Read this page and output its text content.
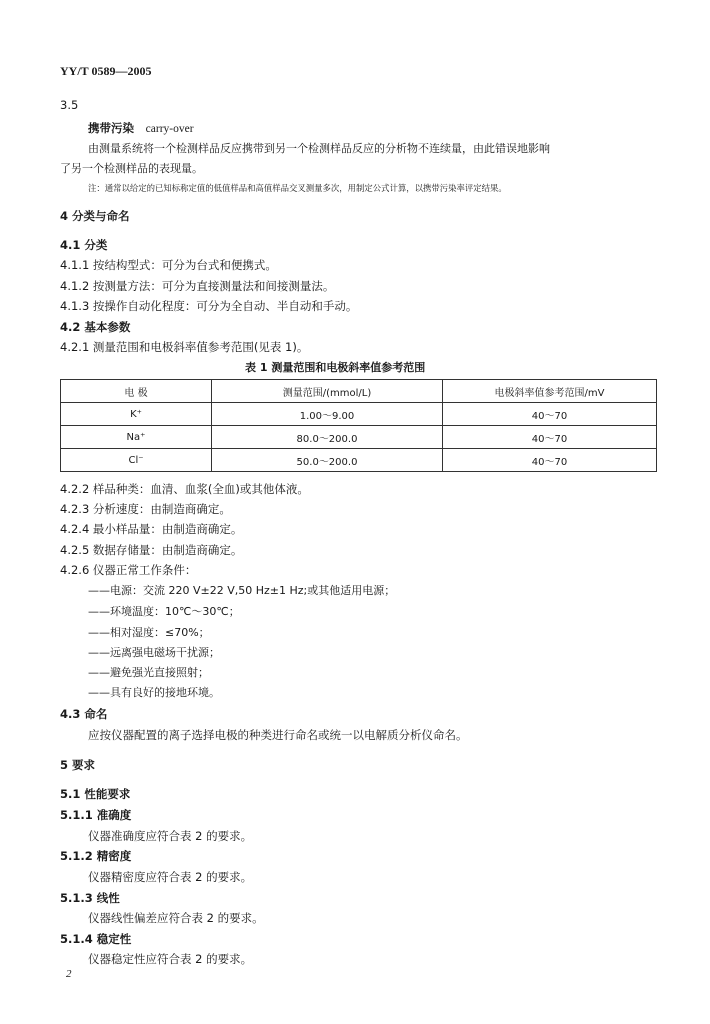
YY/T 0589—2005
3.5
携带污染 carry-over
由测量系统将一个检测样品反应携带到另一个检测样品反应的分析物不连续量，由此错误地影响
了另一个检测样品的表现量。
注：通常以给定的已知标称定值的低值样品和高值样品交叉测量多次，用制定公式计算，以携带污染率评定结果。
4 分类与命名
4.1 分类
4.1.1 按结构型式：可分为台式和便携式。
4.1.2 按测量方法：可分为直接测量法和间接测量法。
4.1.3 按操作自动化程度：可分为全自动、半自动和手动。
4.2 基本参数
4.2.1 测量范围和电极斜率值参考范围(见表 1)。
表 1 测量范围和电极斜率值参考范围
电 极	测量范围/(mmol/L)	电极斜率值参考范围/mV
K⁺	1.00～9.00	40～70
Na⁺	80.0～200.0	40～70
Cl⁻	50.0～200.0	40～70
4.2.2 样品种类：血清、血浆(全血)或其他体液。
4.2.3 分析速度：由制造商确定。
4.2.4 最小样品量：由制造商确定。
4.2.5 数据存储量：由制造商确定。
4.2.6 仪器正常工作条件：
——电源：交流 220 V±22 V,50 Hz±1 Hz;或其他适用电源；
——环境温度：10℃～30℃；
——相对湿度：≤70%；
——远离强电磁场干扰源；
——避免强光直接照射；
——具有良好的接地环境。
4.3 命名
应按仪器配置的离子选择电极的种类进行命名或统一以电解质分析仪命名。
5 要求
5.1 性能要求
5.1.1 准确度
仪器准确度应符合表 2 的要求。
5.1.2 精密度
仪器精密度应符合表 2 的要求。
5.1.3 线性
仪器线性偏差应符合表 2 的要求。
5.1.4 稳定性
仪器稳定性应符合表 2 的要求。
2
